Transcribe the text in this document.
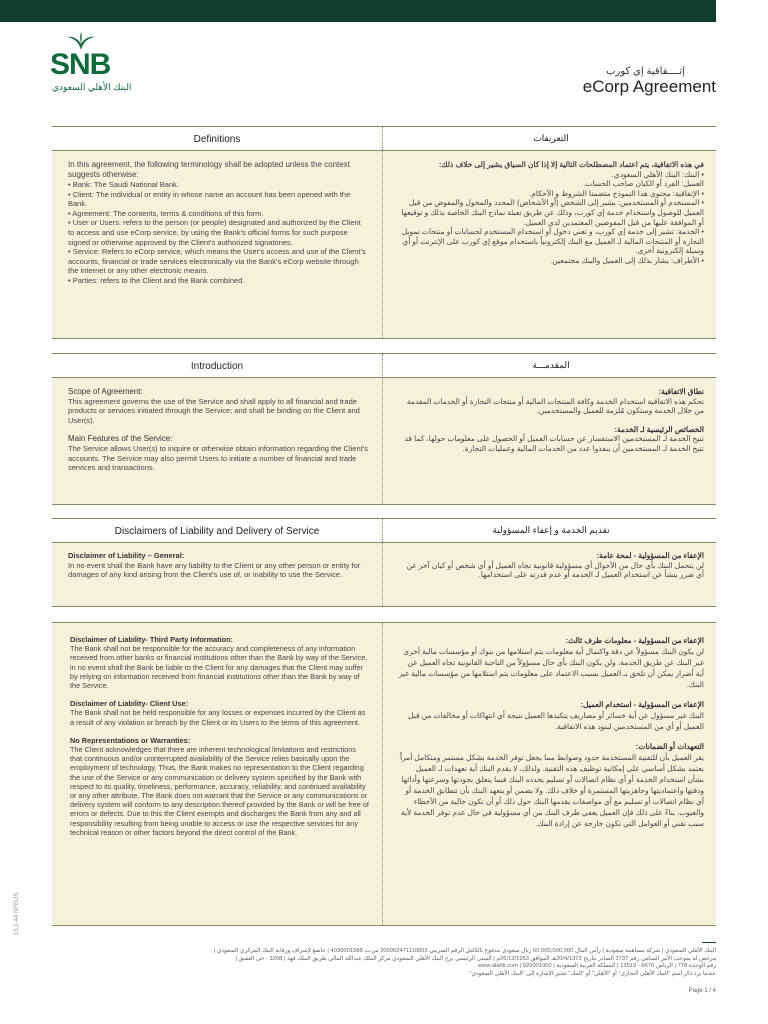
SNB
البنك الأهلي السعودي
إتــــفاقية إي كورب
eCorp Agreement
Definitions	التعريفات

In this agreement, the following terminology shall be adopted unless the context suggests otherwise:

• Bank: The Saudi National Bank.

• Client: The individual or entity in whose name an account has been opened with the Bank.

• Agreement: The contents, terms & conditions of this form.

• User or Users: refers to the person (or people) designated and authorized by the Client to access and use eCorp service, by using the Bank's official forms for such purpose signed or otherwise approved by the Client's authorized signatories.

• Service: Refers to eCorp service, which means the User's access and use of the Client's accounts, financial or trade services electronically via the Bank's eCorp website through the internet or any other electronic means.

• Parties: refers to the Client and the Bank combined.

في هذه الاتفاقية، يتم اعتماد المصطلحات التالية إلا إذا كان السياق يشير إلى خلاف ذلك:

• البنك: البنك الأهلي السعودي.

العميل: الفرد أو الكيان صاحب الحساب.

• الإتفاقية: محتوى هذا النموذج متضمنا الشروط و الأحكام.

• المستخدم أو المستخدمين: يشير إلى الشخص (أو الأشخاص) المحدد والمخول والمفوض من قبل العميل للوصول واستخدام خدمة إي كورب، وذلك عن طريق تعبئة نماذج البنك الخاصة بذلك و توقيعها أو الموافقة عليها من قبل المفوضين المعتمدين لدى العميل.

• الخدمة: تشير إلى خدمة إي كورب، و تعني دخول أو استخدام المستخدم لحسابات أو منتجات تمويل التجارة أو المنتجات المالية لـ العميل مع البنك إلكترونياً باستخدام موقع إي كورب على الإنترنت أو أي وسيلة إلكترونية أخرى.

• الأطراف: يشار بذلك إلى العميل والبنك مجتمعين.

Introduction	المقدمـــة

Scope of Agreement:

This agreement governs the use of the Service and shall apply to all financial and trade products or services initiated through the Service; and shall be binding on the Client and User(s).

Main Features of the Service:

The Service allows User(s) to inquire or otherwise obtain information regarding the Client's accounts. The Service may also permit Users to initiate a number of financial and trade services and transactions.

نطاق الاتفاقية:

تحكم هذه الاتفاقية استخدام الخدمة وكافة المنتجات المالية أو منتجات التجارة أو الخدمات المقدمة من خلال الخدمة وستكون مُلزمة للعميل والمستخدمين.

الخصائص الرئيسية لـ الخدمة:

تتيح الخدمة لـ المستخدمين الاستفسار عن حسابات العميل أو الحصول على معلومات حولها، كما قد تتيح الخدمة لـ المستخدمين أن ينفذوا عدد من الخدمات المالية وعمليات التجارة.

Disclaimers of Liability and Delivery of Service	تقديم الخدمة و إعفاء المسؤولية

Disclaimer of Liability – General:

In no event shall the Bank have any liability to the Client or any other person or entity for damages of any kind arising from the Client's use of, or inability to use the Service.

الإعفاء من المسؤولية - لمحة عامة:

لن يتحمل البنك بأي حال من الأحوال أي مسؤولية قانونية تجاه العميل أو أي شخص أو كيان آخر عن أي ضرر ينشأ عن استخدام العميل لـ الخدمة أو عدم قدرته على استخدامها.

Disclaimer of Liability- Third Party Information:

The Bank shall not be responsible for the accuracy and completeness of any information received from other banks or financial institutions other than the Bank by way of the Service, in no event shall the Bank be liable to the Client for any damages that the Client may suffer by relying on information received from financial institutions other than the Bank by way of the Service.

Disclaimer of Liability- Client Use:

The Bank shall not be held responsible for any losses or expenses incurred by the Client as a result of any violation or breach by the Client or its Users to the terms of this agreement.

No Representations or Warranties:

The Client acknowledges that there are inherent technological limitations and restrictions that continuous and/or uninterrupted availability of the Service relies basically upon the employment of technology. Thus, the Bank makes no representation to the Client regarding the use of the Service or any communication or delivery system specified by the Bank with respect to its quality, timeliness, performance, accuracy, reliability, and continued availability or any other attribute. The Bank does not warrant that the Service or any communications or delivery system will conform to any description thereof provided by the Bank or will be free of errors or defects. Due to this the Client exempts and discharges the Bank from any and all responsibility resulting from being unable to access or use the respective services for any technical reason or other factors beyond the direct control of the Bank.

الإعفاء من المسؤولية - معلومات طرف ثالث:

لن يكون البنك مسؤولاً عن دقة واكتمال أية معلومات يتم استلامها من بنوك أو مؤسسات مالية أخرى غير البنك عن طريق الخدمة، ولن يكون البنك بأي حال مسؤولاً من الناحية القانونية تجاه العميل عن أية أضرار يمكن أن تلحق بـ العميل بسبب الاعتماد على معلومات يتم استلامها من مؤسسات مالية غير البنك.

الإعفاء من المسؤولية - استخدام العميل:

البنك غير مسؤول عن أية خسائر أو مصاريف يتكبدها العميل نتيجة أي انتهاكات أو مخالفات من قبل العميل أو أي من المستخدمين لبنود هذه الاتفاقية.

التعهدات أو الضمانات:

يقر العميل بأن للتقنية المستخدمة حدود وضوابط مما يجعل توفر الخدمة بشكل مستمر ومتكامل أمراً يعتمد بشكل أساسي على إمكانية توظيف هذه التقنية. ولذلك، لا يقدم البنك أية تعهدات لـ العميل بشأن استخدام الخدمة أو أي نظام اتصالات أو تسليم يحدده البنك فيما يتعلق بجودتها وسرعتها وأدائها ودقتها واعتماديتها وجاهزيتها المستمرة أو خلاف ذلك. ولا يضمن أو يتعهد البنك بأن تتطابق الخدمة أو أي نظام اتصالات أو تسليم مع أي مواصفات يقدمها البنك حول ذلك أو أن تكون خالية من الأخطاء والعيوب. بناءً على ذلك فإن العميل يعفي طرف البنك من أي مسؤولية في حال عدم توفر الخدمة لأية سبب تقني أو العوامل التي تكون خارجة عن إرادة البنك.

15.1-44 NFBUS

البنك الأهلي السعودي | شركة مساهمة سعودية | رأس المال 60,000,000,000 ريال سعودي مدفوع بالكامل الرقم الضريبي 300002471110003 س.ت 4030001588 | خاضع لإشراف ورقابة البنك المركزي السعودي |

مرخص له بموجب الأمر السامي رقم 3737 الصادر بتاريخ 20/4/1373هـ الموافق 26/12/1953م | المبنى الرئيسي برج البنك الأهلي السعودي مركز الملك عبدالله المالي طريق الملك فهد | 3208 - حي العقيق |

رقم الوحدة 778 | الرياض 6676 - 13519 | المملكة العربية السعودية | 920001000 | www.alahli.com

عندما يرد ذكر اسم "البنك الأهلي التجاري" أو "الأهلي" أو "البنك" تشير الإشارة إلى "البنك الأهلي السعودي"

Page 1 / 4
